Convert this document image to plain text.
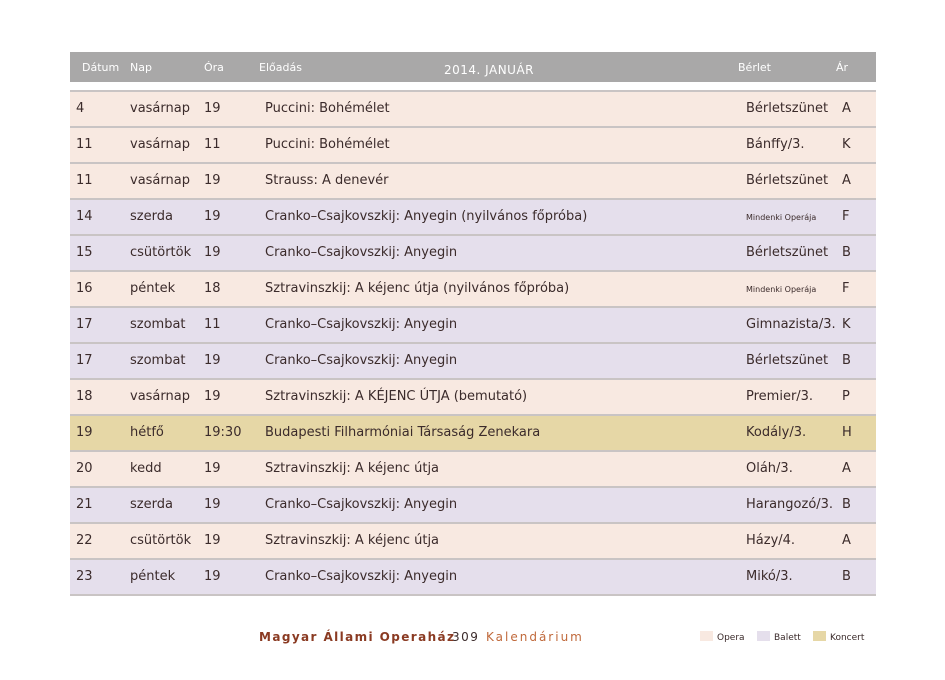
Dátum Nap	Óra	Előadás	2014. JANUÁR	Bérlet	Ár
4	vasárnap 19	Puccini: Bohémélet	Bérletszünet A
11	vasárnap 11	Puccini: Bohémélet	Bánffy/3.	K
11	vasárnap 19	Strauss: A denevér	Bérletszünet A
14	szerda 19	Cranko–Csajkovszkij: Anyegin (nyilvános főpróba)	Mindenki Operája F
15	csütörtök 19	Cranko–Csajkovszkij: Anyegin	Bérletszünet B
16	péntek 18	Sztravinszkij: A kéjenc útja (nyilvános főpróba)	Mindenki Operája F
17	szombat 11	Cranko–Csajkovszkij: Anyegin	Gimnazista/3. K
17	szombat 19	Cranko–Csajkovszkij: Anyegin	Bérletszünet B
18	vasárnap 19	Sztravinszkij: A KÉJENC ÚTJA (bemutató)	Premier/3. P
19	hétfő	19:30 Budapesti Filharmóniai Társaság Zenekara	Kodály/3.	H
20	kedd	19	Sztravinszkij: A kéjenc útja	Oláh/3.	A
21	szerda 19	Cranko–Csajkovszkij: Anyegin	Harangozó/3. B
22	csütörtök 19	Sztravinszkij: A kéjenc útja	Házy/4.	A
23	péntek 19	Cranko–Csajkovszkij: Anyegin	Mikó/3.	B
Magyar Állami Operaház
309 Kalendárium	Opera	Balett	Koncert
